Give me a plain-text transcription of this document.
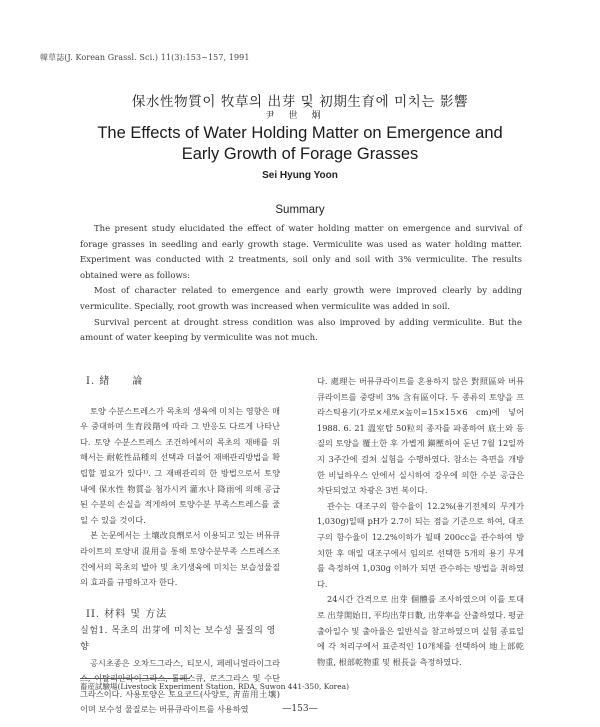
韓草誌(J. Korean Grassl. Sci.) 11(3):153~157, 1991
保水性物質이 牧草의 出芽 및 初期生育에 미치는 影響
尹世炯
The Effects of Water Holding Matter on Emergence and
Early Growth of Forage Grasses
Sei Hyung Yoon
Summary

The present study elucidated the effect of water holding matter on emergence and survival of forage grasses in seedling and early growth stage. Vermiculite was used as water holding matter. Experiment was conducted with 2 treatments, soil only and soil with 3% vermiculite. The results obtained were as follows:

Most of character related to emergence and early growth were improved clearly by adding vermiculite. Specially, root growth was increased when vermiculite was added in soil.

Survival percent at drought stress condition was also improved by adding vermiculite. But the amount of water keeping by vermiculite was not much.

I. 緖　　論

토양 수분스트레스가 목초의 생육에 미치는 영향은 매우 중대하며 生育段階에 따라 그 반응도 다르게 나타난다. 토양 수분스트레스 조건하에서의 목초의 재배를 위해서는 耐乾性品種의 선택과 더불어 재배관리방법을 확립할 필요가 있다¹⁾. 그 재배관리의 한 방법으로서 토양내에 保水性 物質을 첨가시켜 灌水나 降雨에 의해 공급된 수분의 손실을 적게하여 토양수분 부족스트레스를 줄일 수 있을 것이다.

본 논문에서는 土壤改良劑로서 이용되고 있는 버뮤큐라이트의 토양내 混用을 통해 토양수분부족 스트레스조건에서의 목초의 발아 및 초기생육에 미치는 보습성물질의 효과를 규명하고자 한다.

II. 材料 및 方法
실험1. 목초의 出芽에 미치는 보수성 물질의 영향

공시초종은 오차드그라스, 티모시, 페레니얼라이그라스, 이탈리안라이그라스, 톨페스큐, 로즈그라스 및 수단그라스이다. 사용토양은 토요코드(사양토, 靑苗用土壤)이며 보수성 물질로는 버뮤큐라이트를 사용하였

다. 處理는 버뮤큐라이트를 혼용하지 않은 對照區와 버뮤큐라이트를 중량비 3% 含有區이다. 두 종류의 토양을 프라스틱용기(가로×세로×높이=15×15×6 cm)에 넣어 1988. 6. 21 溫室탑 50粒의 종자를 파종하여 底土와 동질의 토양을 覆土한 후 가볍게 鎭壓하여 둔년 7월 12일까지 3주간에 걸쳐 실험을 수행하였다. 참소는 측면을 개방한 비닐하우스 안에서 실시하여 강우에 의한 수분 공급은 차단되었고 차광은 3번 복이다.

관수는 대조구의 함수율이 12.2%(용기전체의 무게가 1,030g)일때 pH가 2.7이 되는 점을 기준으로 하여, 대조구의 함수율이 12.2%이하가 될때 200cc을 관수하여 방치한 후 매일 대조구에서 임의로 선택한 5개의 용기 무게를 측정하여 1,030g 이하가 되면 관수하는 방법을 취하였다.

24시간 간격으로 出芽 個體를 조사하였으며 이를 토대로 出芽開始日, 平均出芽日數, 出芽率을 산출하였다. 평균출아일수 및 출아율은 일반식을 참고하였으며 실험 종료일에 각 처리구에서 표준적인 10개체를 선택하여 地上部乾物重, 根部乾物重 및 根長을 측정하였다.

畜産試驗場(Livestock Experiment Station, RDA, Suwon 441-350, Korea)
—153—
